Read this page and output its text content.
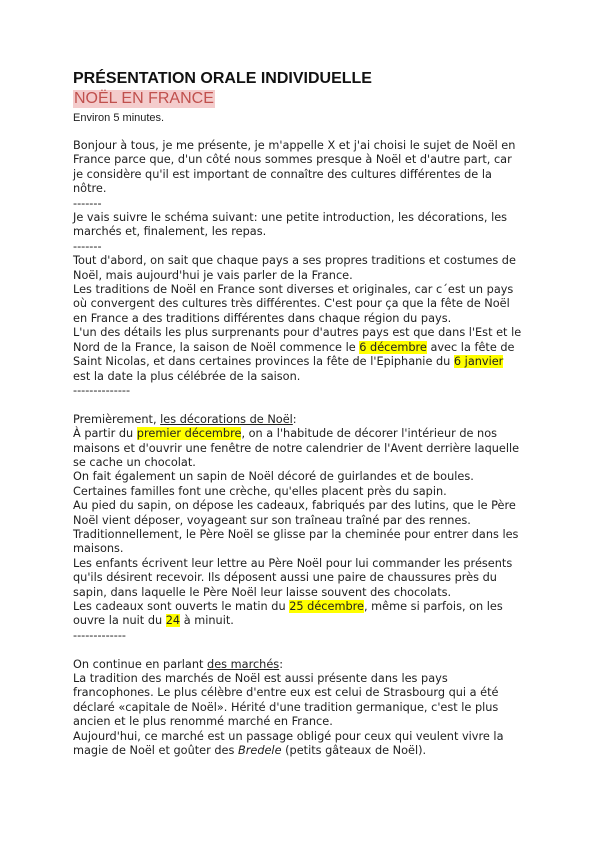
PRÉSENTATION ORALE INDIVIDUELLE
NOËL EN FRANCE
Environ 5 minutes.

Bonjour à tous, je me présente, je m'appelle X et j'ai choisi le sujet de Noël en

France parce que, d'un côté nous sommes presque à Noël et d'autre part, car

je considère qu'il est important de connaître des cultures différentes de la

nôtre.

-------

Je vais suivre le schéma suivant: une petite introduction, les décorations, les

marchés et, finalement, les repas.

-------

Tout d'abord, on sait que chaque pays a ses propres traditions et costumes de

Noël, mais aujourd'hui je vais parler de la France.

Les traditions de Noël en France sont diverses et originales, car c´est un pays

où convergent des cultures très différentes. C'est pour ça que la fête de Noël

en France a des traditions différentes dans chaque région du pays.

L'un des détails les plus surprenants pour d'autres pays est que dans l'Est et le

Nord de la France, la saison de Noël commence le 6 décembre avec la fête de

Saint Nicolas, et dans certaines provinces la fête de l'Epiphanie du 6 janvier

est la date la plus célébrée de la saison.

--------------

Premièrement, les décorations de Noël:

À partir du premier décembre, on a l'habitude de décorer l'intérieur de nos

maisons et d'ouvrir une fenêtre de notre calendrier de l'Avent derrière laquelle

se cache un chocolat.

On fait également un sapin de Noël décoré de guirlandes et de boules.

Certaines familles font une crèche, qu'elles placent près du sapin.

Au pied du sapin, on dépose les cadeaux, fabriqués par des lutins, que le Père

Noël vient déposer, voyageant sur son traîneau traîné par des rennes.

Traditionnellement, le Père Noël se glisse par la cheminée pour entrer dans les

maisons.

Les enfants écrivent leur lettre au Père Noël pour lui commander les présents

qu'ils désirent recevoir. Ils déposent aussi une paire de chaussures près du

sapin, dans laquelle le Père Noël leur laisse souvent des chocolats.

Les cadeaux sont ouverts le matin du 25 décembre, même si parfois, on les

ouvre la nuit du 24 à minuit.

-------------

On continue en parlant des marchés:

La tradition des marchés de Noël est aussi présente dans les pays

francophones. Le plus célèbre d'entre eux est celui de Strasbourg qui a été

déclaré «capitale de Noël». Hérité d'une tradition germanique, c'est le plus

ancien et le plus renommé marché en France.

Aujourd'hui, ce marché est un passage obligé pour ceux qui veulent vivre la

magie de Noël et goûter des Bredele (petits gâteaux de Noël).
